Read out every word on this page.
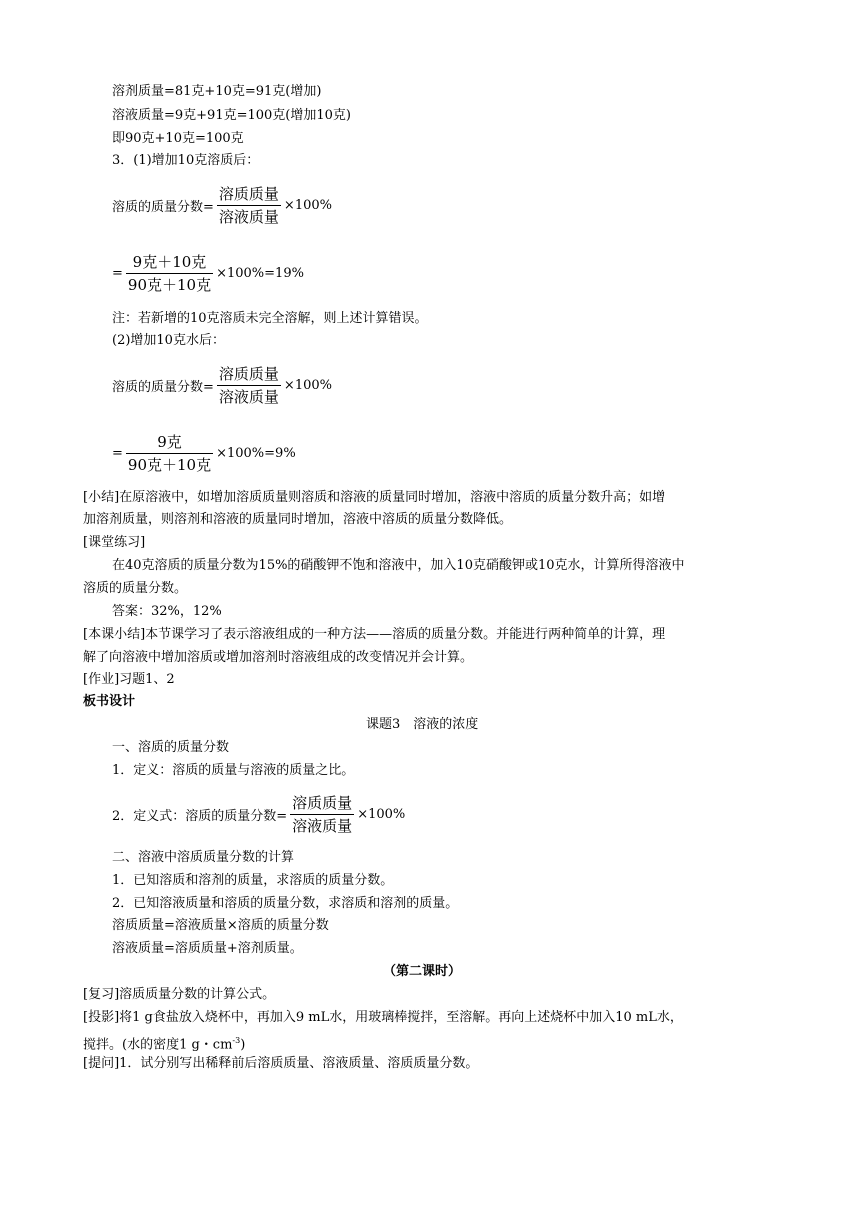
溶剂质量=81克+10克=91克(增加)
溶液质量=9克+91克=100克(增加10克)
即90克+10克=100克
3．(1)增加10克溶质后：
溶质的质量分数= $\frac{\text{溶质质量}}{\text{溶液质量}} \times 100\%$
= $\frac{\text{9克＋10克}}{\text{90克＋10克}} \times 100\%=19\%$
注：若新增的10克溶质未完全溶解，则上述计算错误。
(2)增加10克水后：
溶质的质量分数= $\frac{\text{溶质质量}}{\text{溶液质量}} \times 100\%$
= $\frac{\text{9克}}{\text{90克＋10克}} \times 100\%=9\%$
[小结]在原溶液中，如增加溶质质量则溶质和溶液的质量同时增加，溶液中溶质的质量分数升高；如增
加溶剂质量，则溶剂和溶液的质量同时增加，溶液中溶质的质量分数降低。
[课堂练习]
在40克溶质的质量分数为15%的硝酸钾不饱和溶液中，加入10克硝酸钾或10克水，计算所得溶液中
溶质的质量分数。
答案：32%，12%
[本课小结]本节课学习了表示溶液组成的一种方法——溶质的质量分数。并能进行两种简单的计算，理
解了向溶液中增加溶质或增加溶剂时溶液组成的改变情况并会计算。
[作业]习题1、2
板书设计
课题3　溶液的浓度
一、溶质的质量分数
1．定义：溶质的质量与溶液的质量之比。
2．定义式：溶质的质量分数= $\frac{\text{溶质质量}}{\text{溶液质量}} \times 100\%$
二、溶液中溶质质量分数的计算
1．已知溶质和溶剂的质量，求溶质的质量分数。
2．已知溶液质量和溶质的质量分数，求溶质和溶剂的质量。
溶质质量=溶液质量×溶质的质量分数
溶液质量=溶质质量+溶剂质量。
（第二课时）
[复习]溶质质量分数的计算公式。
[投影]将1 g食盐放入烧杯中，再加入9 mL水，用玻璃棒搅拌，至溶解。再向上述烧杯中加入10 mL水，
搅拌。(水的密度1 g・$cm^{-3}$)
[提问]1．试分别写出稀释前后溶质质量、溶液质量、溶质质量分数。
